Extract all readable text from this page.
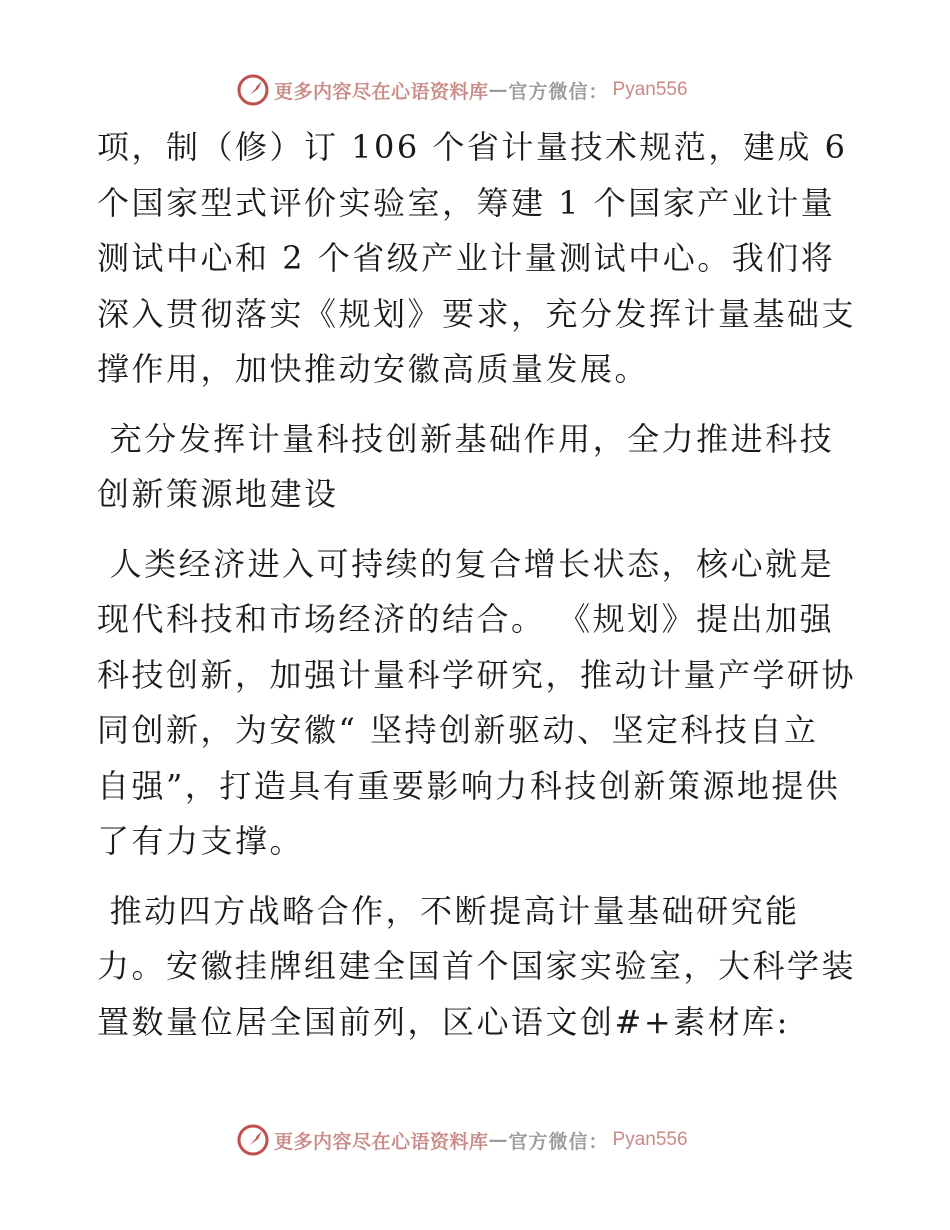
更多内容尽在心语资料库 — 官方微信： Pyan556

项，制（修）订 106 个省计量技术规范，建成 6
个国家型式评价实验室，筹建 1 个国家产业计量
测试中心和 2 个省级产业计量测试中心。我们将
深入贯彻落实《规划》要求，充分发挥计量基础支
撑作用，加快推动安徽高质量发展。

充分发挥计量科技创新基础作用，全力推进科技
创新策源地建设

人类经济进入可持续的复合增长状态，核心就是
现代科技和市场经济的结合。 《规划》提出加强
科技创新，加强计量科学研究，推动计量产学研协
同创新，为安徽“ 坚持创新驱动、坚定科技自立
自强”，打造具有重要影响力科技创新策源地提供
了有力支撑。

推动四方战略合作，不断提高计量基础研究能
力。安徽挂牌组建全国首个国家实验室，大科学装
置数量位居全国前列，区心语文创#+素材库:

更多内容尽在心语资料库 — 官方微信： Pyan556
